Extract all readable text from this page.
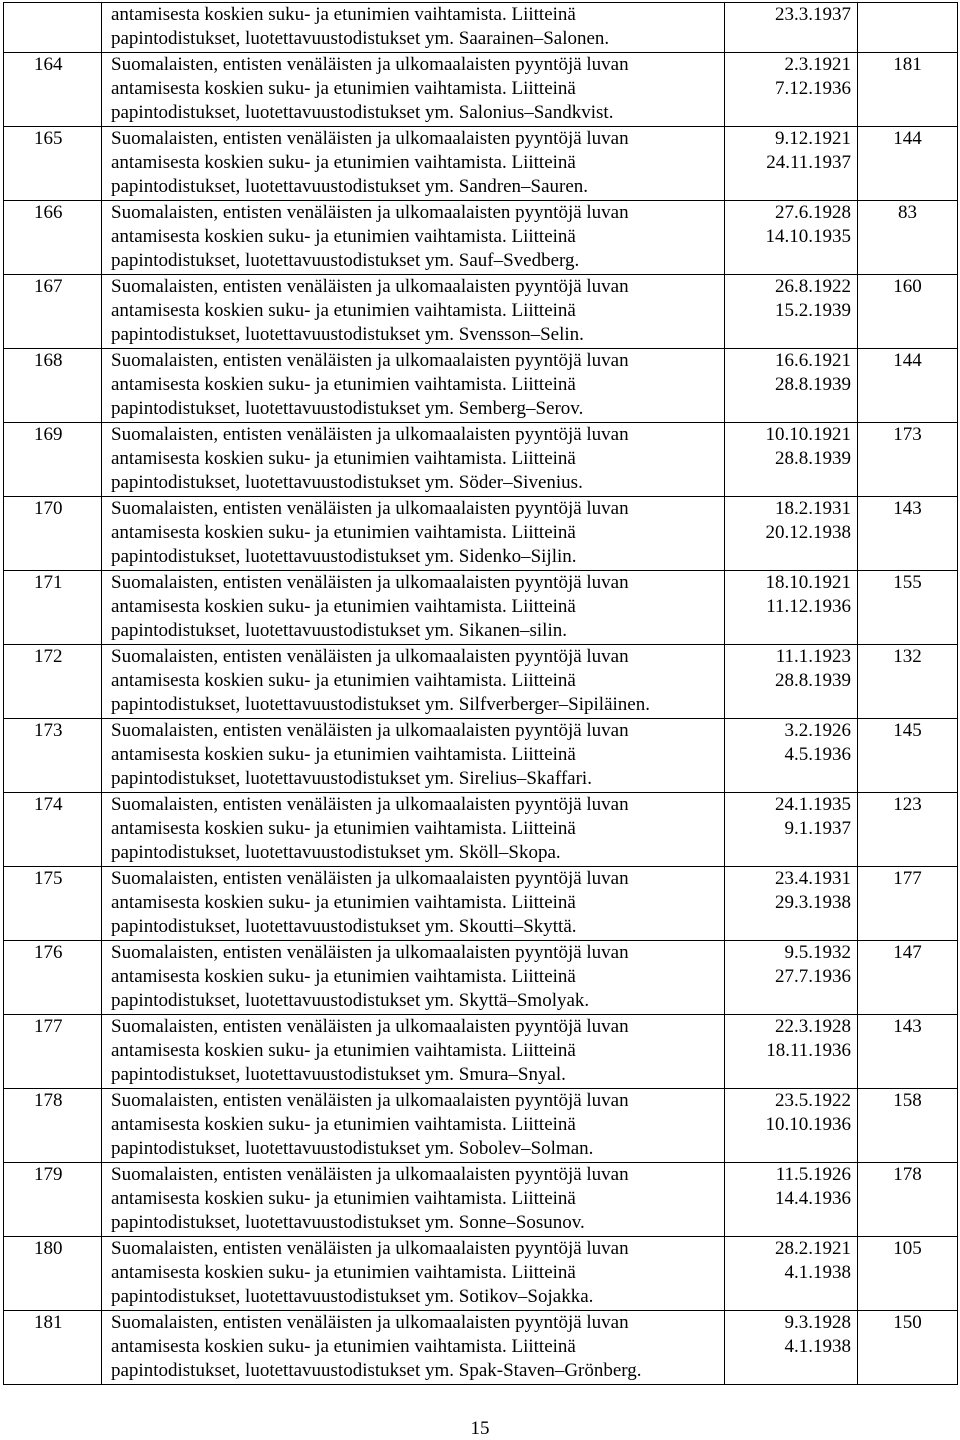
	antamisesta koskien suku- ja etunimien vaihtamista. Liitteinä
papintodistukset, luotettavuustodistukset ym. Saarainen–Salonen.	23.3.1937	

164	Suomalaisten, entisten venäläisten ja ulkomaalaisten pyyntöjä luvan
antamisesta koskien suku- ja etunimien vaihtamista. Liitteinä
papintodistukset, luotettavuustodistukset ym. Salonius–Sandkvist.	2.3.1921
7.12.1936	181
165	Suomalaisten, entisten venäläisten ja ulkomaalaisten pyyntöjä luvan
antamisesta koskien suku- ja etunimien vaihtamista. Liitteinä
papintodistukset, luotettavuustodistukset ym. Sandren–Sauren.	9.12.1921
24.11.1937	144
166	Suomalaisten, entisten venäläisten ja ulkomaalaisten pyyntöjä luvan
antamisesta koskien suku- ja etunimien vaihtamista. Liitteinä
papintodistukset, luotettavuustodistukset ym. Sauf–Svedberg.	27.6.1928
14.10.1935	83
167	Suomalaisten, entisten venäläisten ja ulkomaalaisten pyyntöjä luvan
antamisesta koskien suku- ja etunimien vaihtamista. Liitteinä
papintodistukset, luotettavuustodistukset ym. Svensson–Selin.	26.8.1922
15.2.1939	160
168	Suomalaisten, entisten venäläisten ja ulkomaalaisten pyyntöjä luvan
antamisesta koskien suku- ja etunimien vaihtamista. Liitteinä
papintodistukset, luotettavuustodistukset ym. Semberg–Serov.	16.6.1921
28.8.1939	144
169	Suomalaisten, entisten venäläisten ja ulkomaalaisten pyyntöjä luvan
antamisesta koskien suku- ja etunimien vaihtamista. Liitteinä
papintodistukset, luotettavuustodistukset ym. Söder–Sivenius.	10.10.1921
28.8.1939	173
170	Suomalaisten, entisten venäläisten ja ulkomaalaisten pyyntöjä luvan
antamisesta koskien suku- ja etunimien vaihtamista. Liitteinä
papintodistukset, luotettavuustodistukset ym. Sidenko–Sijlin.	18.2.1931
20.12.1938	143
171	Suomalaisten, entisten venäläisten ja ulkomaalaisten pyyntöjä luvan
antamisesta koskien suku- ja etunimien vaihtamista. Liitteinä
papintodistukset, luotettavuustodistukset ym. Sikanen–silin.	18.10.1921
11.12.1936	155
172	Suomalaisten, entisten venäläisten ja ulkomaalaisten pyyntöjä luvan
antamisesta koskien suku- ja etunimien vaihtamista. Liitteinä
papintodistukset, luotettavuustodistukset ym. Silfverberger–Sipiläinen.	11.1.1923
28.8.1939	132
173	Suomalaisten, entisten venäläisten ja ulkomaalaisten pyyntöjä luvan
antamisesta koskien suku- ja etunimien vaihtamista. Liitteinä
papintodistukset, luotettavuustodistukset ym. Sirelius–Skaffari.	3.2.1926
4.5.1936	145
174	Suomalaisten, entisten venäläisten ja ulkomaalaisten pyyntöjä luvan
antamisesta koskien suku- ja etunimien vaihtamista. Liitteinä
papintodistukset, luotettavuustodistukset ym. Sköll–Skopa.	24.1.1935
9.1.1937	123
175	Suomalaisten, entisten venäläisten ja ulkomaalaisten pyyntöjä luvan
antamisesta koskien suku- ja etunimien vaihtamista. Liitteinä
papintodistukset, luotettavuustodistukset ym. Skoutti–Skyttä.	23.4.1931
29.3.1938	177
176	Suomalaisten, entisten venäläisten ja ulkomaalaisten pyyntöjä luvan
antamisesta koskien suku- ja etunimien vaihtamista. Liitteinä
papintodistukset, luotettavuustodistukset ym. Skyttä–Smolyak.	9.5.1932
27.7.1936	147
177	Suomalaisten, entisten venäläisten ja ulkomaalaisten pyyntöjä luvan
antamisesta koskien suku- ja etunimien vaihtamista. Liitteinä
papintodistukset, luotettavuustodistukset ym. Smura–Snyal.	22.3.1928
18.11.1936	143
178	Suomalaisten, entisten venäläisten ja ulkomaalaisten pyyntöjä luvan
antamisesta koskien suku- ja etunimien vaihtamista. Liitteinä
papintodistukset, luotettavuustodistukset ym. Sobolev–Solman.	23.5.1922
10.10.1936	158
179	Suomalaisten, entisten venäläisten ja ulkomaalaisten pyyntöjä luvan
antamisesta koskien suku- ja etunimien vaihtamista. Liitteinä
papintodistukset, luotettavuustodistukset ym. Sonne–Sosunov.	11.5.1926
14.4.1936	178
180	Suomalaisten, entisten venäläisten ja ulkomaalaisten pyyntöjä luvan
antamisesta koskien suku- ja etunimien vaihtamista. Liitteinä
papintodistukset, luotettavuustodistukset ym. Sotikov–Sojakka.	28.2.1921
4.1.1938	105
181	Suomalaisten, entisten venäläisten ja ulkomaalaisten pyyntöjä luvan
antamisesta koskien suku- ja etunimien vaihtamista. Liitteinä
papintodistukset, luotettavuustodistukset ym. Spak-Staven–Grönberg.	9.3.1928
4.1.1938	150
15
